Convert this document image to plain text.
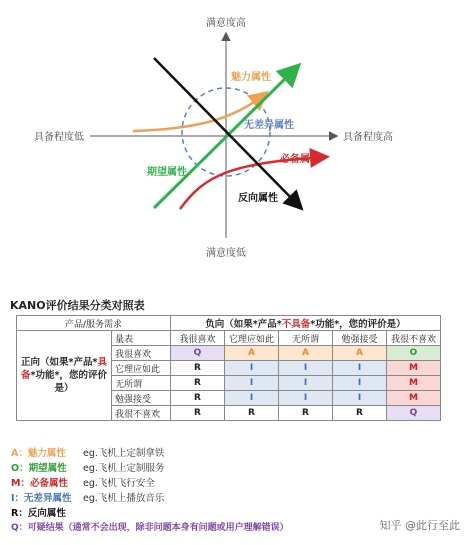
满意度高
满意度低
具备程度低	具备程度高
魅力属性
无差异属性
必备属性
期望属性
反向属性
KANO评价结果分类对照表
产品/服务需求		负向（如果*产品*不具备*功能*，您的评价是）				
正向（如果*产品*具备*功能*，您的评价是）	量表	我很喜欢	它理应如此	无所谓	勉强接受	我很不喜欢
	我很喜欢	Q	A	A	A	O
	它理应如此	R	I	I	I	M
	无所谓	R	I	I	I	M
	勉强接受	R	I	I	I	M
	我很不喜欢	R	R	R	R	Q
A：魅力属性 eg.飞机上定制拿铁
O：期望属性 eg.飞机上定制服务
M：必备属性 eg.飞机飞行安全
I：无差异属性 eg.飞机上播放音乐
R：反向属性
Q：可疑结果（通常不会出现，除非问题本身有问题或用户理解错误）	知乎 @此行至此
